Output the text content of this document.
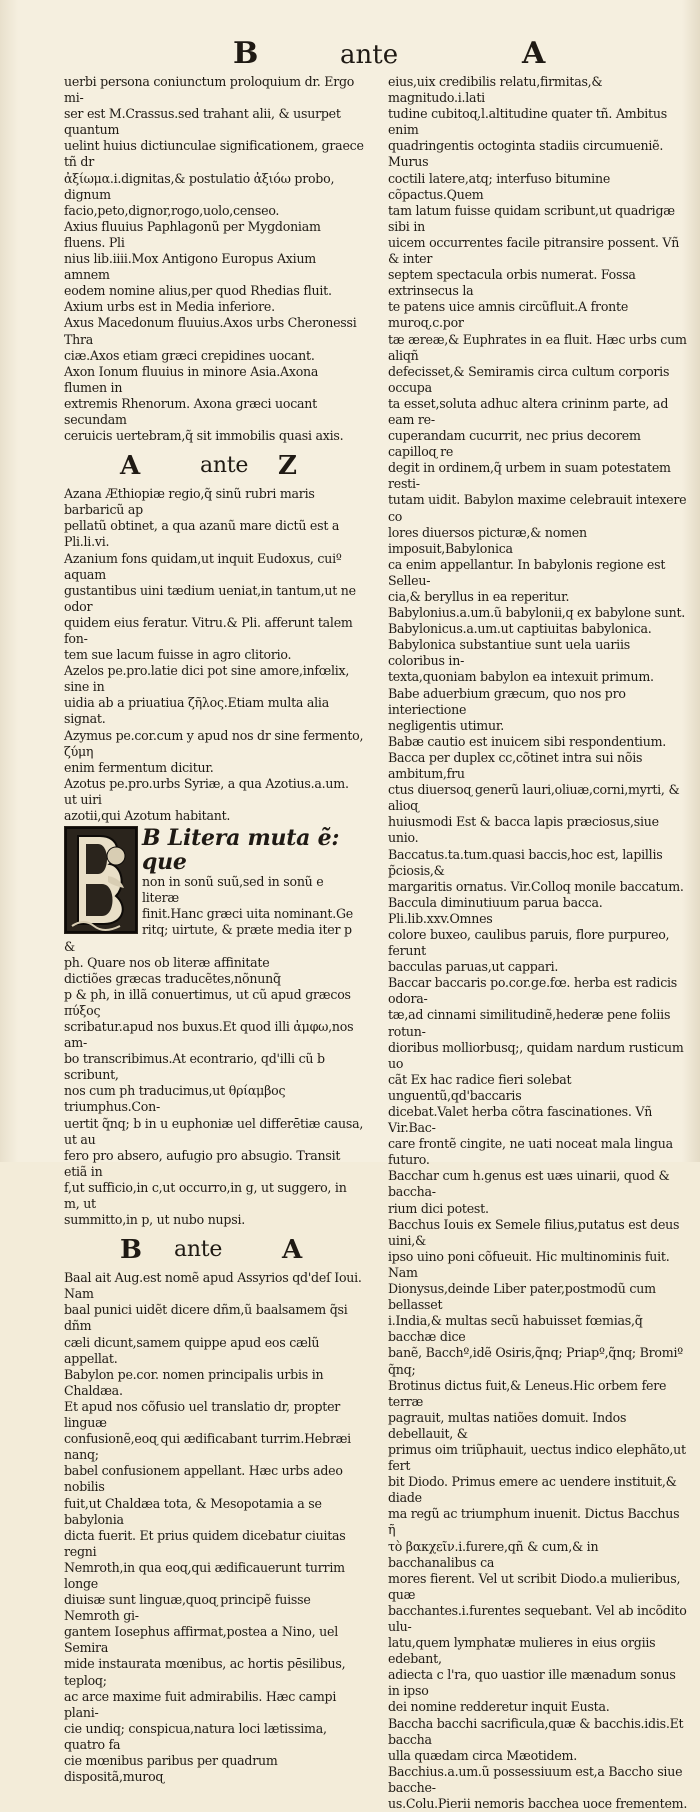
B	ante	A
uerbi persona coniunctum proloquium dr. Ergo mi-
ser est M.Crassus.sed trahant alii, & usurpet quantum
uelint huius dictiunculae significationem, graece tñ dr
ἀξίωμα.i.dignitas,& postulatio ἀξιόω probo, dignum
facio,peto,dignor,rogo,uolo,censeo.
Axius fluuius Paphlagonũ per Mygdoniam fluens. Pli
nius lib.iiii.Mox Antigono Europus Axium amnem
eodem nomine alius,per quod Rhedias fluit.
Axium urbs est in Media inferiore.
Axus Macedonum fluuius.Axos urbs Cheronessi Thra
ciæ.Axos etiam græci crepidines uocant.
Axon Ionum fluuius in minore Asia.Axona flumen in
extremis Rhenorum. Axona græci uocant secundam
ceruicis uertebram,q̃ sit immobilis quasi axis.
A	ante Z
Azana Æthiopiæ regio,q̃ sinũ rubri maris barbaricũ ap
pellatũ obtinet, a qua azanũ mare dictũ est a Pli.li.vi.
Azanium fons quidam,ut inquit Eudoxus, cuiº aquam
gustantibus uini tædium ueniat,in tantum,ut ne odor
quidem eius feratur. Vitru.& Pli. afferunt talem fon-
tem sue lacum fuisse in agro clitorio.
Azelos pe.pro.latie dici pot sine amore,infœlix, sine in
uidia ab a priuatiua ζῆλος.Etiam multa alia signat.
Azymus pe.cor.cum y apud nos dr sine fermento, ζύμη
enim fermentum dicitur.
Azotus pe.pro.urbs Syriæ, a qua Azotius.a.um. ut uiri
azotii,qui Azotum habitant.
B Litera muta ẽ: que
non in sonũ suũ,sed in sonũ e literæ
finit.Hanc græci uita nominant.Ge
ritq; uirtute, & præte media iter p &
ph. Quare nos ob literæ affinitate
dictiões græcas traducẽtes,nõnunq̃
p & ph, in illã conuertimus, ut cũ apud græcos πύξος
scribatur.apud nos buxus.Et quod illi ἀμφω,nos am-
bo transcribimus.At econtrario, qd'illi cũ b scribunt,
nos cum ph traducimus,ut θρίαμβος triumphus.Con-
uertit q̃nq; b in u euphoniæ uel differētiæ causa, ut au
fero pro absero, aufugio pro absugio. Transit etiã in
f,ut sufficio,in c,ut occurro,in g, ut suggero, in m, ut
summitto,in p, ut nubo nupsi.
B ante A
Baal ait Aug.est nomẽ apud Assyrios qd'deſ Ioui. Nam
baal punici uidẽt dicere dñm,ũ baalsamem q̃si dñm
cæli dicunt,samem quippe apud eos cælũ appellat.
Babylon pe.cor. nomen principalis urbis in Chaldæa.
Et apud nos cõfusio uel translatio dr, propter linguæ
confusionẽ,eoɋ qui ædificabant turrim.Hebræi nanq;
babel confusionem appellant. Hæc urbs adeo nobilis
fuit,ut Chaldæa tota, & Mesopotamia a se babylonia
dicta fuerit. Et prius quidem dicebatur ciuitas regni
Nemroth,in qua eoɋ,qui ædificauerunt turrim longe
diuisæ sunt linguæ,quoɋ principẽ fuisse Nemroth gi-
gantem Iosephus affirmat,postea a Nino, uel Semira
mide instaurata mœnibus, ac hortis pēsilibus, teploq;
ac arce maxime fuit admirabilis. Hæc campi plani-
cie undiq; conspicua,natura loci lætissima, quatro fa
cie mœnibus paribus per quadrum dispositã,muroɋ
eius,uix credibilis relatu,firmitas,& magnitudo.i.lati
tudine cubitoɋ.l.altitudine quater tñ. Ambitus enim
quadringentis octoginta stadiis circumueniẽ. Murus
coctili latere,atq; interfuso bitumine cõpactus.Quem
tam latum fuisse quidam scribunt,ut quadrigæ sibi in
uicem occurrentes facile pitransire possent. Vñ & inter
septem spectacula orbis numerat. Fossa extrinsecus la
te patens uice amnis circũfluit.A fronte muroɋ.c.por
tæ æreæ,& Euphrates in ea fluit. Hæc urbs cum aliqñ
defecisset,& Semiramis circa cultum corporis occupa
ta esset,soluta adhuc altera crininm parte, ad eam re-
cuperandam cucurrit, nec prius decorem capilloɋ re
degit in ordinem,q̃ urbem in suam potestatem resti-
tutam uidit. Babylon maxime celebrauit intexere co
lores diuersos picturæ,& nomen imposuit,Babylonica
ca enim appellantur. In babylonis regione est Selleu-
cia,& beryllus in ea reperitur.
Babylonius.a.um.ũ babylonii,q ex babylone sunt.
Babylonicus.a.um.ut captiuitas babylonica.
Babylonica substantiue sunt uela uariis coloribus in-
texta,quoniam babylon ea intexuit primum.
Babe aduerbium græcum, quo nos pro interiectione
negligentis utimur.
Babæ cautio est inuicem sibi respondentium.
Bacca per duplex cc,cõtinet intra sui nõis ambitum,fru
ctus diuersoɋ generũ lauri,oliuæ,corni,myrti, & alioɋ
huiusmodi Est & bacca lapis præciosus,siue unio.
Baccatus.ta.tum.quasi baccis,hoc est, lapillis p̃ciosis,&
margaritis ornatus. Vir.Colloq monile baccatum.
Baccula diminutiuum parua bacca. Pli.lib.xxv.Omnes
colore buxeo, caulibus paruis, flore purpureo, ferunt
bacculas paruas,ut cappari.
Baccar baccaris po.cor.ge.fœ. herba est radicis odora-
tæ,ad cinnami similitudinẽ,hederæ pene foliis rotun-
dioribus molliorbusq;, quidam nardum rusticum uo
cãt Ex hac radice fieri solebat unguentũ,qd'baccaris
dicebat.Valet herba cõtra fascinationes. Vñ Vir.Bac-
care frontẽ cingite, ne uati noceat mala lingua futuro.
Bacchar cum h.genus est uæs uinarii, quod & baccha-
rium dici potest.
Bacchus Iouis ex Semele filius,putatus est deus uini,&
ipso uino poni cõfueuit. Hic multinominis fuit. Nam
Dionysus,deinde Liber pater,postmodũ cum bellasset
i.India,& multas secũ habuisset fœmias,q̃ bacchæ dice
banẽ, Bacchº,idẽ Osiris,q̃nq; Priapº,q̃nq; Bromiº q̃nq;
Brotinus dictus fuit,& Leneus.Hic orbem fere terræ
pagrauit, multas natiões domuit. Indos debellauit, &
primus oim triũphauit, uectus indico elephãto,ut fert
bit Diodo. Primus emere ac uendere instituit,& diade
ma regũ ac triumphum inuenit. Dictus Bacchus ῆ
τὸ βακχεῖν.i.furere,qñ & cum,& in bacchanalibus ca
mores fierent. Vel ut scribit Diodo.a mulieribus, quæ
bacchantes.i.furentes sequebant. Vel ab incõdito ulu-
latu,quem lymphatæ mulieres in eius orgiis edebant,
adiecta c l'ra, quo uastior ille mænadum sonus in ipso
dei nomine redderetur inquit Eusta.
Baccha bacchi sacrificula,quæ & bacchis.idis.Et baccha
ulla quædam circa Mæotidem.
Bacchius.a.um.ũ possessiuum est,a Baccho siue bacche-
us.Colu.Pierii nemoris bacchea uoce frementem.
